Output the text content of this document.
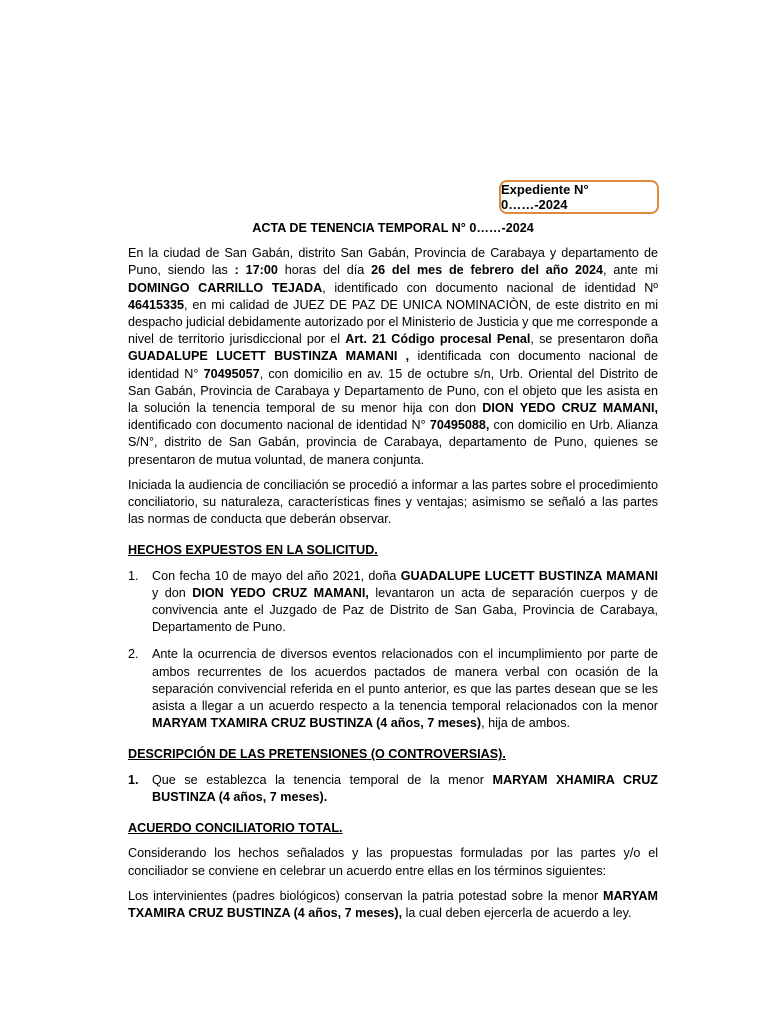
Expediente N° 0……-2024
ACTA DE TENENCIA TEMPORAL N° 0……-2024

En la ciudad de San Gabán, distrito San Gabán, Provincia de Carabaya y departamento de Puno, siendo las : 17:00 horas del día 26 del mes de febrero del año 2024, ante mi DOMINGO CARRILLO TEJADA, identificado con documento nacional de identidad Nº 46415335, en mi calidad de JUEZ DE PAZ DE UNICA NOMINACIÒN, de este distrito en mi despacho judicial debidamente autorizado por el Ministerio de Justicia y que me corresponde a nivel de territorio jurisdiccional por el Art. 21 Código procesal Penal, se presentaron doña GUADALUPE LUCETT BUSTINZA MAMANI , identificada con documento nacional de identidad N° 70495057, con domicilio en av. 15 de octubre s/n, Urb. Oriental del Distrito de San Gabán, Provincia de Carabaya y Departamento de Puno, con el objeto que les asista en la solución la tenencia temporal de su menor hija con don DION YEDO CRUZ MAMANI, identificado con documento nacional de identidad N° 70495088, con domicilio en Urb. Alianza S/N°, distrito de San Gabán, provincia de Carabaya, departamento de Puno, quienes se presentaron de mutua voluntad, de manera conjunta.

Iniciada la audiencia de conciliación se procedió a informar a las partes sobre el procedimiento conciliatorio, su naturaleza, características fines y ventajas; asimismo se señaló a las partes las normas de conducta que deberán observar.

HECHOS EXPUESTOS EN LA SOLICITUD.
1. Con fecha 10 de mayo del año 2021, doña GUADALUPE LUCETT BUSTINZA MAMANI y don DION YEDO CRUZ MAMANI, levantaron un acta de separación cuerpos y de convivencia ante el Juzgado de Paz de Distrito de San Gaba, Provincia de Carabaya, Departamento de Puno.
2. Ante la ocurrencia de diversos eventos relacionados con el incumplimiento por parte de ambos recurrentes de los acuerdos pactados de manera verbal con ocasión de la separación convivencial referida en el punto anterior, es que las partes desean que se les asista a llegar a un acuerdo respecto a la tenencia temporal relacionados con la menor MARYAM TXAMIRA CRUZ BUSTINZA (4 años, 7 meses), hija de ambos.
DESCRIPCIÓN DE LAS PRETENSIONES (O CONTROVERSIAS).
1. Que se establezca la tenencia temporal de la menor MARYAM XHAMIRA CRUZ BUSTINZA (4 años, 7 meses).
ACUERDO CONCILIATORIO TOTAL.

Considerando los hechos señalados y las propuestas formuladas por las partes y/o el conciliador se conviene en celebrar un acuerdo entre ellas en los términos siguientes:

Los intervinientes (padres biológicos) conservan la patria potestad sobre la menor MARYAM TXAMIRA CRUZ BUSTINZA (4 años, 7 meses), la cual deben ejercerla de acuerdo a ley.
